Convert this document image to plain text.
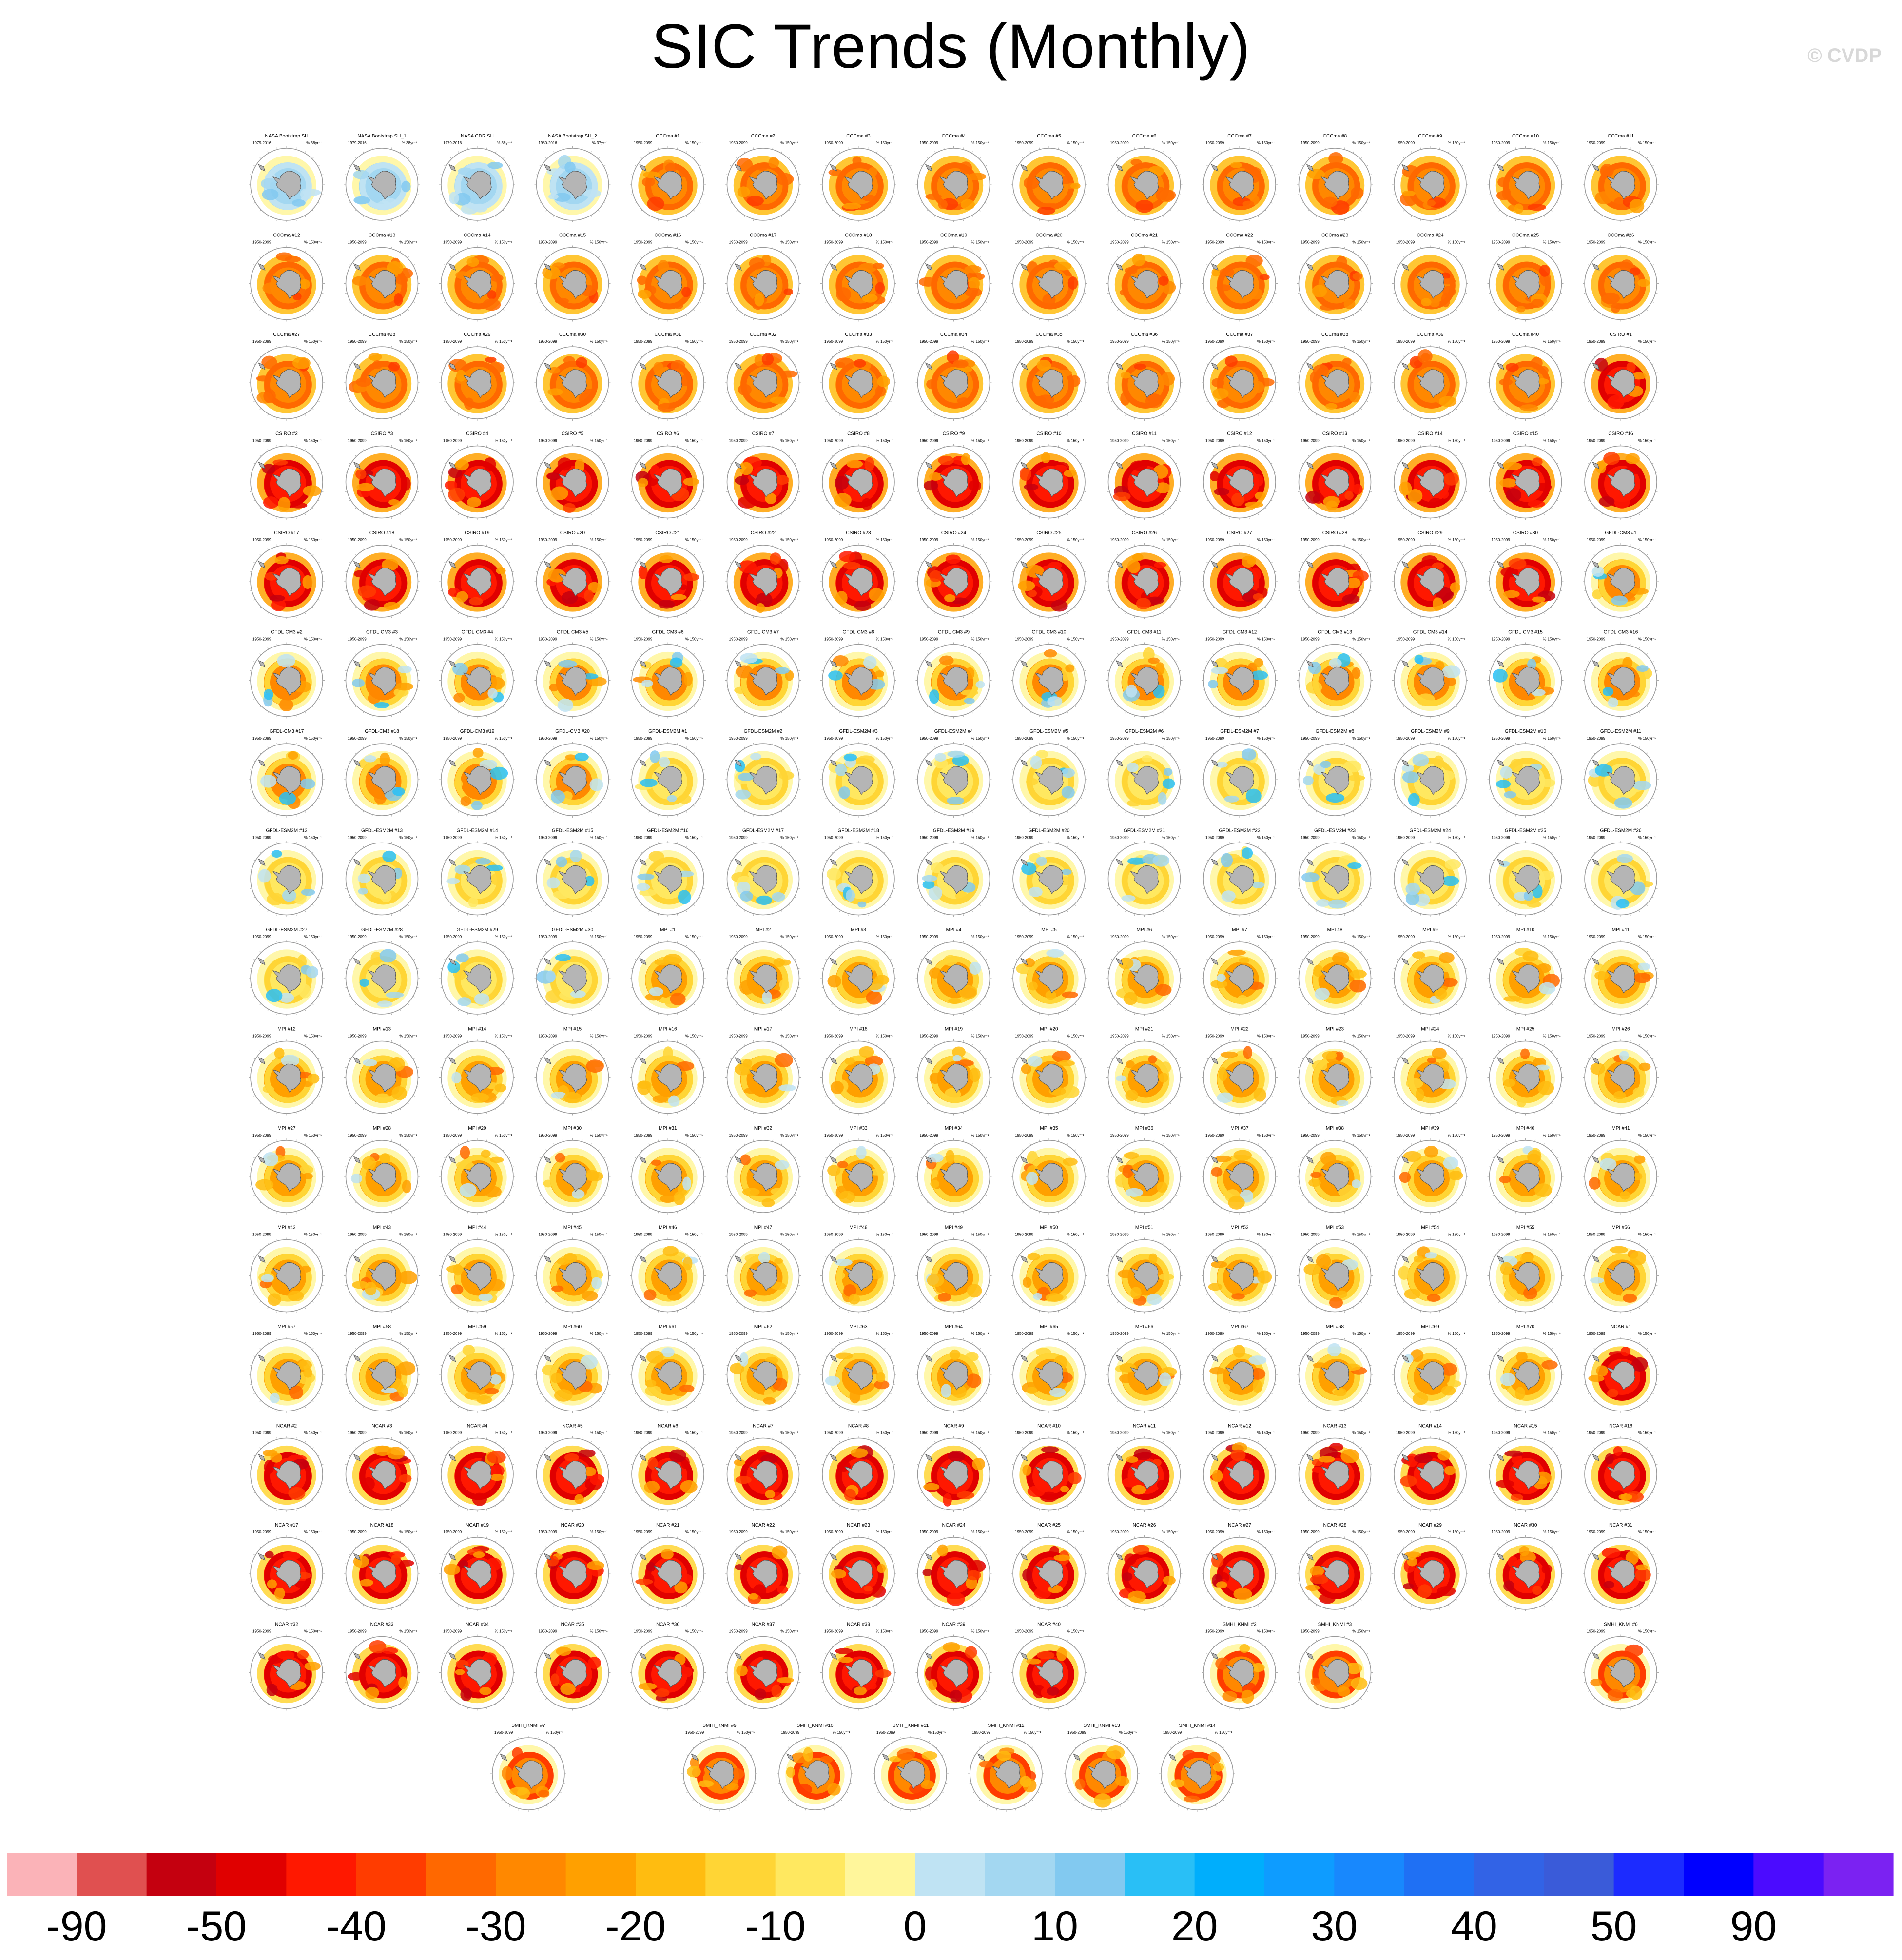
SIC Trends (Monthly)	© CVDP
NASA Bootstrap SH
1979-2016	% 38yr⁻¹
NASA Bootstrap SH_1
1979-2016	% 38yr⁻¹
NASA CDR SH
1979-2016	% 38yr⁻¹
NASA Bootstrap SH_2
1980-2016	% 37yr⁻¹
CCCma #1
1950-2099	% 150yr⁻¹
CCCma #2
1950-2099	% 150yr⁻¹
CCCma #3
1950-2099	% 150yr⁻¹
CCCma #4
1950-2099	% 150yr⁻¹
CCCma #5
1950-2099	% 150yr⁻¹
CCCma #6
1950-2099	% 150yr⁻¹
CCCma #7
1950-2099	% 150yr⁻¹
CCCma #8
1950-2099	% 150yr⁻¹
CCCma #9
1950-2099	% 150yr⁻¹
CCCma #10
1950-2099	% 150yr⁻¹
CCCma #11
1950-2099	% 150yr⁻¹
CCCma #12
1950-2099	% 150yr⁻¹
CCCma #13
1950-2099	% 150yr⁻¹
CCCma #14
1950-2099	% 150yr⁻¹
CCCma #15
1950-2099	% 150yr⁻¹
CCCma #16
1950-2099	% 150yr⁻¹
CCCma #17
1950-2099	% 150yr⁻¹
CCCma #18
1950-2099	% 150yr⁻¹
CCCma #19
1950-2099	% 150yr⁻¹
CCCma #20
1950-2099	% 150yr⁻¹
CCCma #21
1950-2099	% 150yr⁻¹
CCCma #22
1950-2099	% 150yr⁻¹
CCCma #23
1950-2099	% 150yr⁻¹
CCCma #24
1950-2099	% 150yr⁻¹
CCCma #25
1950-2099	% 150yr⁻¹
CCCma #26
1950-2099	% 150yr⁻¹
CCCma #27
1950-2099	% 150yr⁻¹
CCCma #28
1950-2099	% 150yr⁻¹
CCCma #29
1950-2099	% 150yr⁻¹
CCCma #30
1950-2099	% 150yr⁻¹
CCCma #31
1950-2099	% 150yr⁻¹
CCCma #32
1950-2099	% 150yr⁻¹
CCCma #33
1950-2099	% 150yr⁻¹
CCCma #34
1950-2099	% 150yr⁻¹
CCCma #35
1950-2099	% 150yr⁻¹
CCCma #36
1950-2099	% 150yr⁻¹
CCCma #37
1950-2099	% 150yr⁻¹
CCCma #38
1950-2099	% 150yr⁻¹
CCCma #39
1950-2099	% 150yr⁻¹
CCCma #40
1950-2099	% 150yr⁻¹
CSIRO #1
1950-2099	% 150yr⁻¹
CSIRO #2
1950-2099	% 150yr⁻¹
CSIRO #3
1950-2099	% 150yr⁻¹
CSIRO #4
1950-2099	% 150yr⁻¹
CSIRO #5
1950-2099	% 150yr⁻¹
CSIRO #6
1950-2099	% 150yr⁻¹
CSIRO #7
1950-2099	% 150yr⁻¹
CSIRO #8
1950-2099	% 150yr⁻¹
CSIRO #9
1950-2099	% 150yr⁻¹
CSIRO #10
1950-2099	% 150yr⁻¹
CSIRO #11
1950-2099	% 150yr⁻¹
CSIRO #12
1950-2099	% 150yr⁻¹
CSIRO #13
1950-2099	% 150yr⁻¹
CSIRO #14
1950-2099	% 150yr⁻¹
CSIRO #15
1950-2099	% 150yr⁻¹
CSIRO #16
1950-2099	% 150yr⁻¹
CSIRO #17
1950-2099	% 150yr⁻¹
CSIRO #18
1950-2099	% 150yr⁻¹
CSIRO #19
1950-2099	% 150yr⁻¹
CSIRO #20
1950-2099	% 150yr⁻¹
CSIRO #21
1950-2099	% 150yr⁻¹
CSIRO #22
1950-2099	% 150yr⁻¹
CSIRO #23
1950-2099	% 150yr⁻¹
CSIRO #24
1950-2099	% 150yr⁻¹
CSIRO #25
1950-2099	% 150yr⁻¹
CSIRO #26
1950-2099	% 150yr⁻¹
CSIRO #27
1950-2099	% 150yr⁻¹
CSIRO #28
1950-2099	% 150yr⁻¹
CSIRO #29
1950-2099	% 150yr⁻¹
CSIRO #30
1950-2099	% 150yr⁻¹
GFDL-CM3 #1
1950-2099	% 150yr⁻¹
GFDL-CM3 #2
1950-2099	% 150yr⁻¹
GFDL-CM3 #3
1950-2099	% 150yr⁻¹
GFDL-CM3 #4
1950-2099	% 150yr⁻¹
GFDL-CM3 #5
1950-2099	% 150yr⁻¹
GFDL-CM3 #6
1950-2099	% 150yr⁻¹
GFDL-CM3 #7
1950-2099	% 150yr⁻¹
GFDL-CM3 #8
1950-2099	% 150yr⁻¹
GFDL-CM3 #9
1950-2099	% 150yr⁻¹
GFDL-CM3 #10
1950-2099	% 150yr⁻¹
GFDL-CM3 #11
1950-2099	% 150yr⁻¹
GFDL-CM3 #12
1950-2099	% 150yr⁻¹
GFDL-CM3 #13
1950-2099	% 150yr⁻¹
GFDL-CM3 #14
1950-2099	% 150yr⁻¹
GFDL-CM3 #15
1950-2099	% 150yr⁻¹
GFDL-CM3 #16
1950-2099	% 150yr⁻¹
GFDL-CM3 #17
1950-2099	% 150yr⁻¹
GFDL-CM3 #18
1950-2099	% 150yr⁻¹
GFDL-CM3 #19
1950-2099	% 150yr⁻¹
GFDL-CM3 #20
1950-2099	% 150yr⁻¹
GFDL-ESM2M #1
1950-2099	% 150yr⁻¹
GFDL-ESM2M #2
1950-2099	% 150yr⁻¹
GFDL-ESM2M #3
1950-2099	% 150yr⁻¹
GFDL-ESM2M #4
1950-2099	% 150yr⁻¹
GFDL-ESM2M #5
1950-2099	% 150yr⁻¹
GFDL-ESM2M #6
1950-2099	% 150yr⁻¹
GFDL-ESM2M #7
1950-2099	% 150yr⁻¹
GFDL-ESM2M #8
1950-2099	% 150yr⁻¹
GFDL-ESM2M #9
1950-2099	% 150yr⁻¹
GFDL-ESM2M #10
1950-2099	% 150yr⁻¹
GFDL-ESM2M #11
1950-2099	% 150yr⁻¹
GFDL-ESM2M #12
1950-2099	% 150yr⁻¹
GFDL-ESM2M #13
1950-2099	% 150yr⁻¹
GFDL-ESM2M #14
1950-2099	% 150yr⁻¹
GFDL-ESM2M #15
1950-2099	% 150yr⁻¹
GFDL-ESM2M #16
1950-2099	% 150yr⁻¹
GFDL-ESM2M #17
1950-2099	% 150yr⁻¹
GFDL-ESM2M #18
1950-2099	% 150yr⁻¹
GFDL-ESM2M #19
1950-2099	% 150yr⁻¹
GFDL-ESM2M #20
1950-2099	% 150yr⁻¹
GFDL-ESM2M #21
1950-2099	% 150yr⁻¹
GFDL-ESM2M #22
1950-2099	% 150yr⁻¹
GFDL-ESM2M #23
1950-2099	% 150yr⁻¹
GFDL-ESM2M #24
1950-2099	% 150yr⁻¹
GFDL-ESM2M #25
1950-2099	% 150yr⁻¹
GFDL-ESM2M #26
1950-2099	% 150yr⁻¹
GFDL-ESM2M #27
1950-2099	% 150yr⁻¹
GFDL-ESM2M #28
1950-2099	% 150yr⁻¹
GFDL-ESM2M #29
1950-2099	% 150yr⁻¹
GFDL-ESM2M #30
1950-2099	% 150yr⁻¹
MPI #1
1950-2099	% 150yr⁻¹
MPI #2
1950-2099	% 150yr⁻¹
MPI #3
1950-2099	% 150yr⁻¹
MPI #4
1950-2099	% 150yr⁻¹
MPI #5
1950-2099	% 150yr⁻¹
MPI #6
1950-2099	% 150yr⁻¹
MPI #7
1950-2099	% 150yr⁻¹
MPI #8
1950-2099	% 150yr⁻¹
MPI #9
1950-2099	% 150yr⁻¹
MPI #10
1950-2099	% 150yr⁻¹
MPI #11
1950-2099	% 150yr⁻¹
MPI #12
1950-2099	% 150yr⁻¹
MPI #13
1950-2099	% 150yr⁻¹
MPI #14
1950-2099	% 150yr⁻¹
MPI #15
1950-2099	% 150yr⁻¹
MPI #16
1950-2099	% 150yr⁻¹
MPI #17
1950-2099	% 150yr⁻¹
MPI #18
1950-2099	% 150yr⁻¹
MPI #19
1950-2099	% 150yr⁻¹
MPI #20
1950-2099	% 150yr⁻¹
MPI #21
1950-2099	% 150yr⁻¹
MPI #22
1950-2099	% 150yr⁻¹
MPI #23
1950-2099	% 150yr⁻¹
MPI #24
1950-2099	% 150yr⁻¹
MPI #25
1950-2099	% 150yr⁻¹
MPI #26
1950-2099	% 150yr⁻¹
MPI #27
1950-2099	% 150yr⁻¹
MPI #28
1950-2099	% 150yr⁻¹
MPI #29
1950-2099	% 150yr⁻¹
MPI #30
1950-2099	% 150yr⁻¹
MPI #31
1950-2099	% 150yr⁻¹
MPI #32
1950-2099	% 150yr⁻¹
MPI #33
1950-2099	% 150yr⁻¹
MPI #34
1950-2099	% 150yr⁻¹
MPI #35
1950-2099	% 150yr⁻¹
MPI #36
1950-2099	% 150yr⁻¹
MPI #37
1950-2099	% 150yr⁻¹
MPI #38
1950-2099	% 150yr⁻¹
MPI #39
1950-2099	% 150yr⁻¹
MPI #40
1950-2099	% 150yr⁻¹
MPI #41
1950-2099	% 150yr⁻¹
MPI #42
1950-2099	% 150yr⁻¹
MPI #43
1950-2099	% 150yr⁻¹
MPI #44
1950-2099	% 150yr⁻¹
MPI #45
1950-2099	% 150yr⁻¹
MPI #46
1950-2099	% 150yr⁻¹
MPI #47
1950-2099	% 150yr⁻¹
MPI #48
1950-2099	% 150yr⁻¹
MPI #49
1950-2099	% 150yr⁻¹
MPI #50
1950-2099	% 150yr⁻¹
MPI #51
1950-2099	% 150yr⁻¹
MPI #52
1950-2099	% 150yr⁻¹
MPI #53
1950-2099	% 150yr⁻¹
MPI #54
1950-2099	% 150yr⁻¹
MPI #55
1950-2099	% 150yr⁻¹
MPI #56
1950-2099	% 150yr⁻¹
MPI #57
1950-2099	% 150yr⁻¹
MPI #58
1950-2099	% 150yr⁻¹
MPI #59
1950-2099	% 150yr⁻¹
MPI #60
1950-2099	% 150yr⁻¹
MPI #61
1950-2099	% 150yr⁻¹
MPI #62
1950-2099	% 150yr⁻¹
MPI #63
1950-2099	% 150yr⁻¹
MPI #64
1950-2099	% 150yr⁻¹
MPI #65
1950-2099	% 150yr⁻¹
MPI #66
1950-2099	% 150yr⁻¹
MPI #67
1950-2099	% 150yr⁻¹
MPI #68
1950-2099	% 150yr⁻¹
MPI #69
1950-2099	% 150yr⁻¹
MPI #70
1950-2099	% 150yr⁻¹
NCAR #1
1950-2099	% 150yr⁻¹
NCAR #2
1950-2099	% 150yr⁻¹
NCAR #3
1950-2099	% 150yr⁻¹
NCAR #4
1950-2099	% 150yr⁻¹
NCAR #5
1950-2099	% 150yr⁻¹
NCAR #6
1950-2099	% 150yr⁻¹
NCAR #7
1950-2099	% 150yr⁻¹
NCAR #8
1950-2099	% 150yr⁻¹
NCAR #9
1950-2099	% 150yr⁻¹
NCAR #10
1950-2099	% 150yr⁻¹
NCAR #11
1950-2099	% 150yr⁻¹
NCAR #12
1950-2099	% 150yr⁻¹
NCAR #13
1950-2099	% 150yr⁻¹
NCAR #14
1950-2099	% 150yr⁻¹
NCAR #15
1950-2099	% 150yr⁻¹
NCAR #16
1950-2099	% 150yr⁻¹
NCAR #17
1950-2099	% 150yr⁻¹
NCAR #18
1950-2099	% 150yr⁻¹
NCAR #19
1950-2099	% 150yr⁻¹
NCAR #20
1950-2099	% 150yr⁻¹
NCAR #21
1950-2099	% 150yr⁻¹
NCAR #22
1950-2099	% 150yr⁻¹
NCAR #23
1950-2099	% 150yr⁻¹
NCAR #24
1950-2099	% 150yr⁻¹
NCAR #25
1950-2099	% 150yr⁻¹
NCAR #26
1950-2099	% 150yr⁻¹
NCAR #27
1950-2099	% 150yr⁻¹
NCAR #28
1950-2099	% 150yr⁻¹
NCAR #29
1950-2099	% 150yr⁻¹
NCAR #30
1950-2099	% 150yr⁻¹
NCAR #31
1950-2099	% 150yr⁻¹
NCAR #32
1950-2099	% 150yr⁻¹
NCAR #33
1950-2099	% 150yr⁻¹
NCAR #34
1950-2099	% 150yr⁻¹
NCAR #35
1950-2099	% 150yr⁻¹
NCAR #36
1950-2099	% 150yr⁻¹
NCAR #37
1950-2099	% 150yr⁻¹
NCAR #38
1950-2099	% 150yr⁻¹
NCAR #39
1950-2099	% 150yr⁻¹
NCAR #40
1950-2099	% 150yr⁻¹
SMHI_KNMI #2
1950-2099	% 150yr⁻¹
SMHI_KNMI #3
1950-2099	% 150yr⁻¹
SMHI_KNMI #6
1950-2099	% 150yr⁻¹
SMHI_KNMI #7
1950-2099	% 150yr⁻¹
SMHI_KNMI #9
1950-2099	% 150yr⁻¹
SMHI_KNMI #10
1950-2099	% 150yr⁻¹
SMHI_KNMI #11
1950-2099	% 150yr⁻¹
SMHI_KNMI #12
1950-2099	% 150yr⁻¹
SMHI_KNMI #13
1950-2099	% 150yr⁻¹
SMHI_KNMI #14
1950-2099	% 150yr⁻¹
-90 -50 -40 -30 -20 -10 0 10 20 30 40 50 90
